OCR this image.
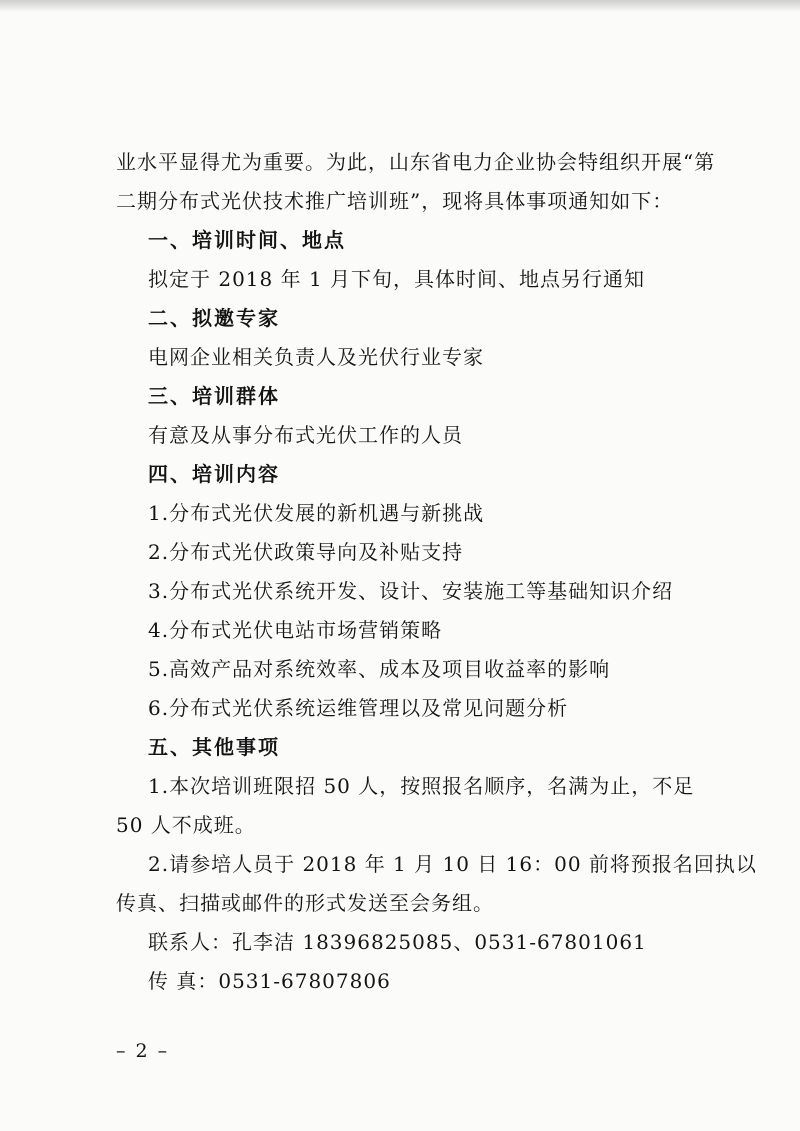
业水平显得尤为重要。为此，山东省电力企业协会特组织开展“第
二期分布式光伏技术推广培训班”，现将具体事项通知如下：
一、培训时间、地点
拟定于 2018 年 1 月下旬，具体时间、地点另行通知
二、拟邀专家
电网企业相关负责人及光伏行业专家
三、培训群体
有意及从事分布式光伏工作的人员
四、培训内容
1.分布式光伏发展的新机遇与新挑战
2.分布式光伏政策导向及补贴支持
3.分布式光伏系统开发、设计、安装施工等基础知识介绍
4.分布式光伏电站市场营销策略
5.高效产品对系统效率、成本及项目收益率的影响
6.分布式光伏系统运维管理以及常见问题分析
五、其他事项
1.本次培训班限招 50 人，按照报名顺序，名满为止，不足
50 人不成班。
2.请参培人员于 2018 年 1 月 10 日 16：00 前将预报名回执以
传真、扫描或邮件的形式发送至会务组。
联系人：孔李洁 18396825085、0531-67801061
传 真：0531-67807806
– 2 –
